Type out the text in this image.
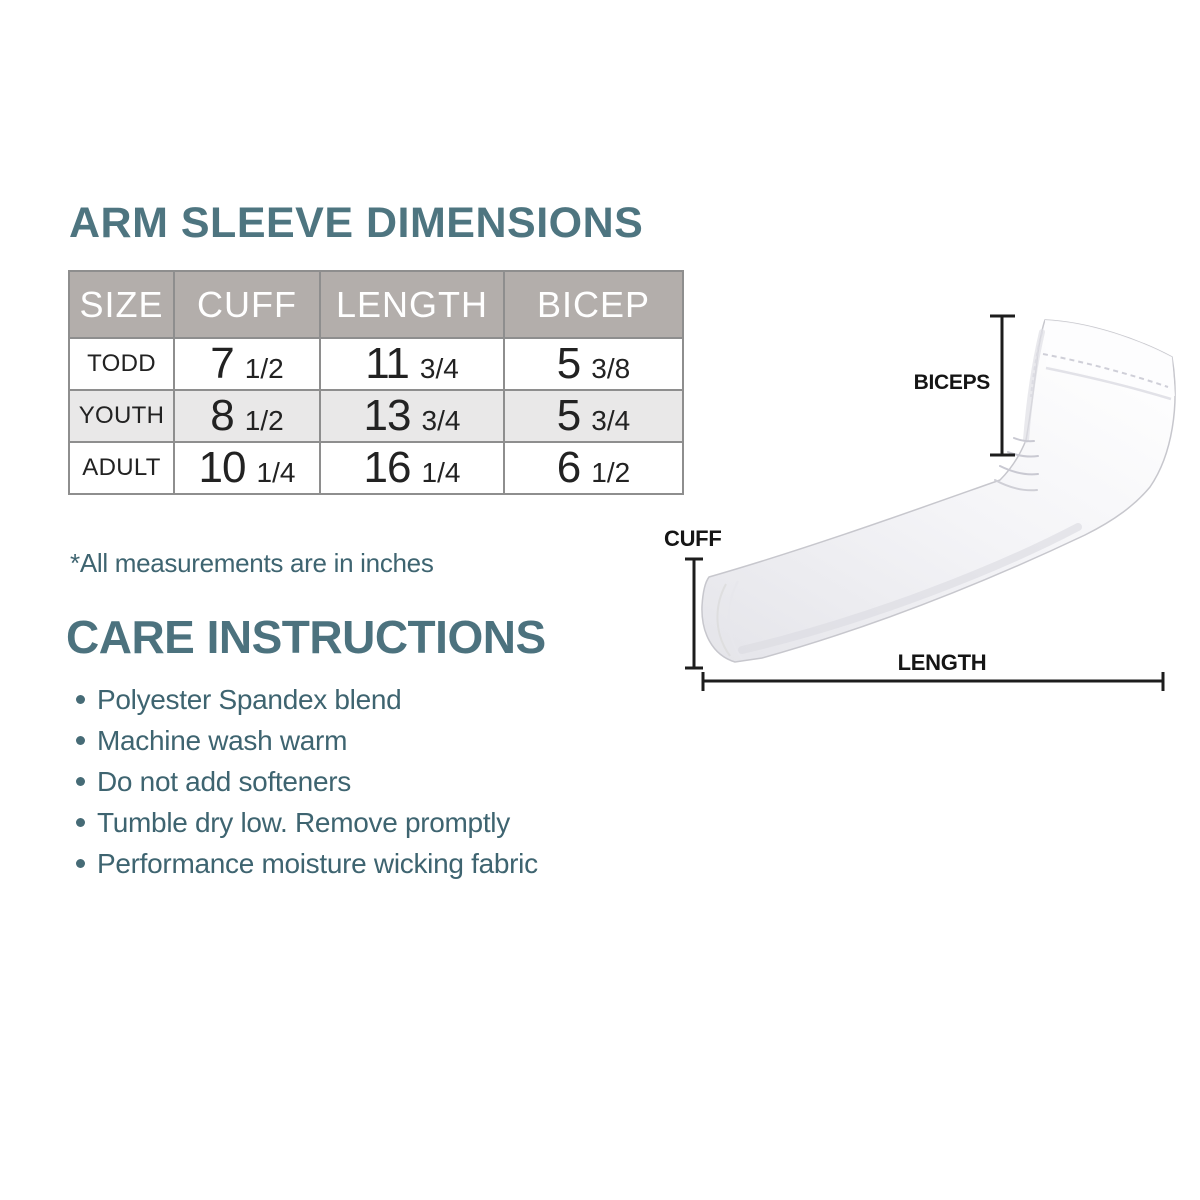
ARM SLEEVE DIMENSIONS
SIZE	CUFF	LENGTH	BICEP
TODD	7 1/2	11 3/4	5 3/8
YOUTH	8 1/2	13 3/4	5 3/4
ADULT	10 1/4	16 1/4	6 1/2
*All measurements are in inches
CARE INSTRUCTIONS
Polyester Spandex blend
Machine wash warm
Do not add softeners
Tumble dry low. Remove promptly
Performance moisture wicking fabric
BICEPS
CUFF
LENGTH
